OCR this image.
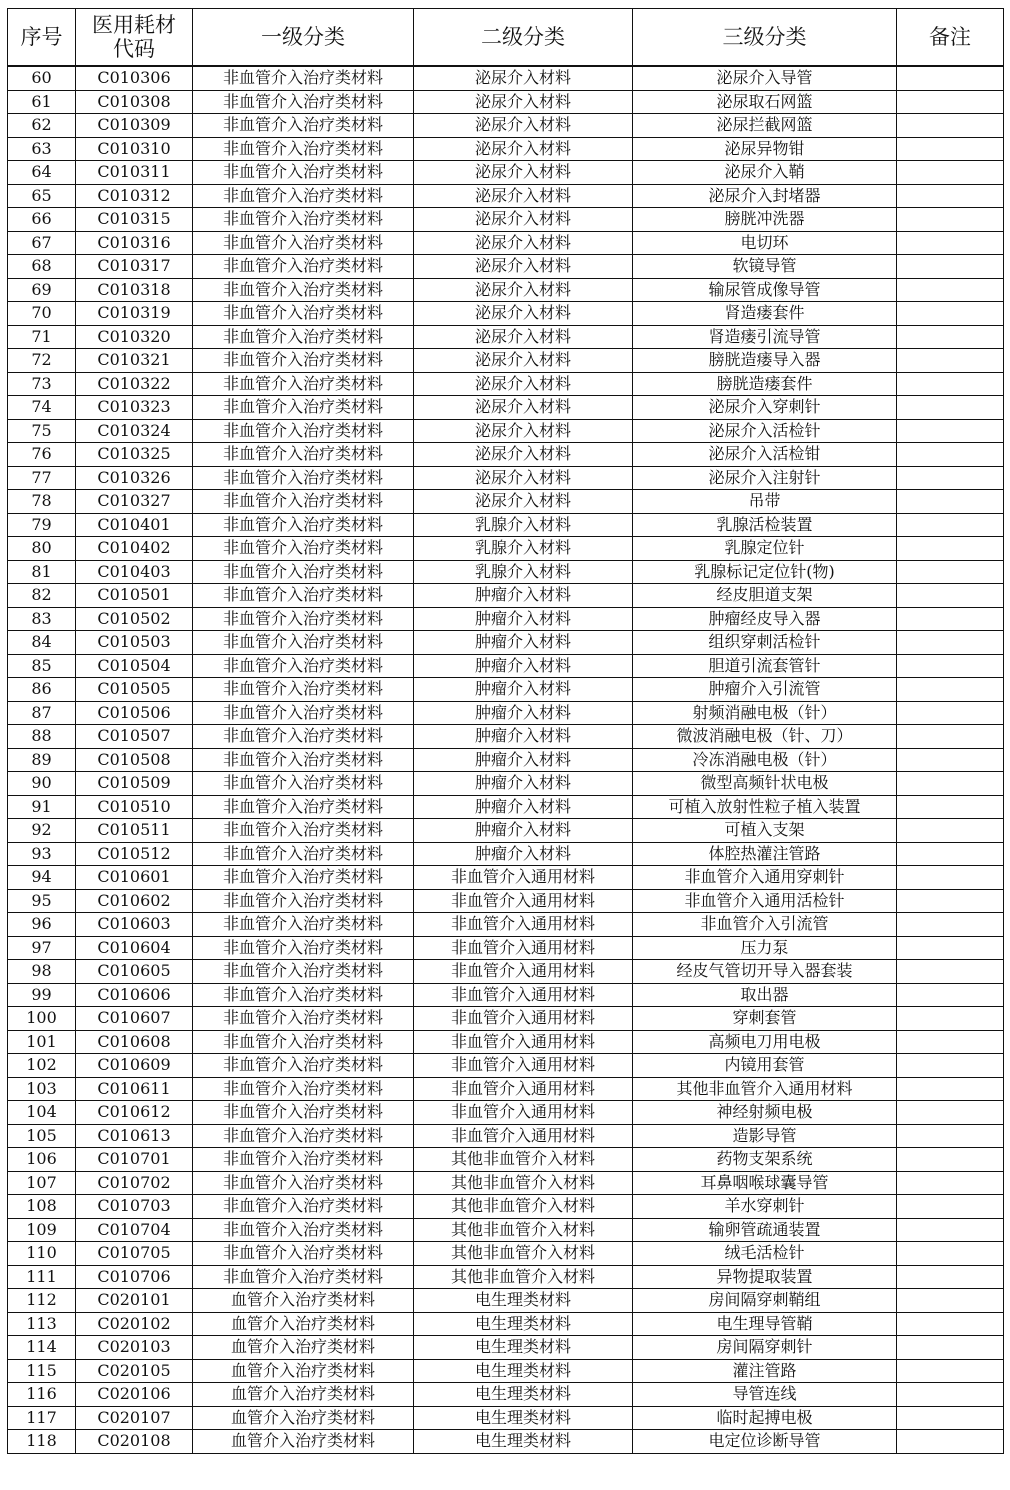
序号	医用耗材代码	一级分类	二级分类	三级分类	备注
60	C010306	非血管介入治疗类材料	泌尿介入材料	泌尿介入导管	
61	C010308	非血管介入治疗类材料	泌尿介入材料	泌尿取石网篮	
62	C010309	非血管介入治疗类材料	泌尿介入材料	泌尿拦截网篮	
63	C010310	非血管介入治疗类材料	泌尿介入材料	泌尿异物钳	
64	C010311	非血管介入治疗类材料	泌尿介入材料	泌尿介入鞘	
65	C010312	非血管介入治疗类材料	泌尿介入材料	泌尿介入封堵器	
66	C010315	非血管介入治疗类材料	泌尿介入材料	膀胱冲洗器	
67	C010316	非血管介入治疗类材料	泌尿介入材料	电切环	
68	C010317	非血管介入治疗类材料	泌尿介入材料	软镜导管	
69	C010318	非血管介入治疗类材料	泌尿介入材料	输尿管成像导管	
70	C010319	非血管介入治疗类材料	泌尿介入材料	肾造瘘套件	
71	C010320	非血管介入治疗类材料	泌尿介入材料	肾造瘘引流导管	
72	C010321	非血管介入治疗类材料	泌尿介入材料	膀胱造瘘导入器	
73	C010322	非血管介入治疗类材料	泌尿介入材料	膀胱造瘘套件	
74	C010323	非血管介入治疗类材料	泌尿介入材料	泌尿介入穿刺针	
75	C010324	非血管介入治疗类材料	泌尿介入材料	泌尿介入活检针	
76	C010325	非血管介入治疗类材料	泌尿介入材料	泌尿介入活检钳	
77	C010326	非血管介入治疗类材料	泌尿介入材料	泌尿介入注射针	
78	C010327	非血管介入治疗类材料	泌尿介入材料	吊带	
79	C010401	非血管介入治疗类材料	乳腺介入材料	乳腺活检装置	
80	C010402	非血管介入治疗类材料	乳腺介入材料	乳腺定位针	
81	C010403	非血管介入治疗类材料	乳腺介入材料	乳腺标记定位针(物)	
82	C010501	非血管介入治疗类材料	肿瘤介入材料	经皮胆道支架	
83	C010502	非血管介入治疗类材料	肿瘤介入材料	肿瘤经皮导入器	
84	C010503	非血管介入治疗类材料	肿瘤介入材料	组织穿刺活检针	
85	C010504	非血管介入治疗类材料	肿瘤介入材料	胆道引流套管针	
86	C010505	非血管介入治疗类材料	肿瘤介入材料	肿瘤介入引流管	
87	C010506	非血管介入治疗类材料	肿瘤介入材料	射频消融电极（针）	
88	C010507	非血管介入治疗类材料	肿瘤介入材料	微波消融电极（针、刀）	
89	C010508	非血管介入治疗类材料	肿瘤介入材料	冷冻消融电极（针）	
90	C010509	非血管介入治疗类材料	肿瘤介入材料	微型高频针状电极	
91	C010510	非血管介入治疗类材料	肿瘤介入材料	可植入放射性粒子植入装置	
92	C010511	非血管介入治疗类材料	肿瘤介入材料	可植入支架	
93	C010512	非血管介入治疗类材料	肿瘤介入材料	体腔热灌注管路	
94	C010601	非血管介入治疗类材料	非血管介入通用材料	非血管介入通用穿刺针	
95	C010602	非血管介入治疗类材料	非血管介入通用材料	非血管介入通用活检针	
96	C010603	非血管介入治疗类材料	非血管介入通用材料	非血管介入引流管	
97	C010604	非血管介入治疗类材料	非血管介入通用材料	压力泵	
98	C010605	非血管介入治疗类材料	非血管介入通用材料	经皮气管切开导入器套装	
99	C010606	非血管介入治疗类材料	非血管介入通用材料	取出器	
100	C010607	非血管介入治疗类材料	非血管介入通用材料	穿刺套管	
101	C010608	非血管介入治疗类材料	非血管介入通用材料	高频电刀用电极	
102	C010609	非血管介入治疗类材料	非血管介入通用材料	内镜用套管	
103	C010611	非血管介入治疗类材料	非血管介入通用材料	其他非血管介入通用材料	
104	C010612	非血管介入治疗类材料	非血管介入通用材料	神经射频电极	
105	C010613	非血管介入治疗类材料	非血管介入通用材料	造影导管	
106	C010701	非血管介入治疗类材料	其他非血管介入材料	药物支架系统	
107	C010702	非血管介入治疗类材料	其他非血管介入材料	耳鼻咽喉球囊导管	
108	C010703	非血管介入治疗类材料	其他非血管介入材料	羊水穿刺针	
109	C010704	非血管介入治疗类材料	其他非血管介入材料	输卵管疏通装置	
110	C010705	非血管介入治疗类材料	其他非血管介入材料	绒毛活检针	
111	C010706	非血管介入治疗类材料	其他非血管介入材料	异物提取装置	
112	C020101	血管介入治疗类材料	电生理类材料	房间隔穿刺鞘组	
113	C020102	血管介入治疗类材料	电生理类材料	电生理导管鞘	
114	C020103	血管介入治疗类材料	电生理类材料	房间隔穿刺针	
115	C020105	血管介入治疗类材料	电生理类材料	灌注管路	
116	C020106	血管介入治疗类材料	电生理类材料	导管连线	
117	C020107	血管介入治疗类材料	电生理类材料	临时起搏电极	
118	C020108	血管介入治疗类材料	电生理类材料	电定位诊断导管	
